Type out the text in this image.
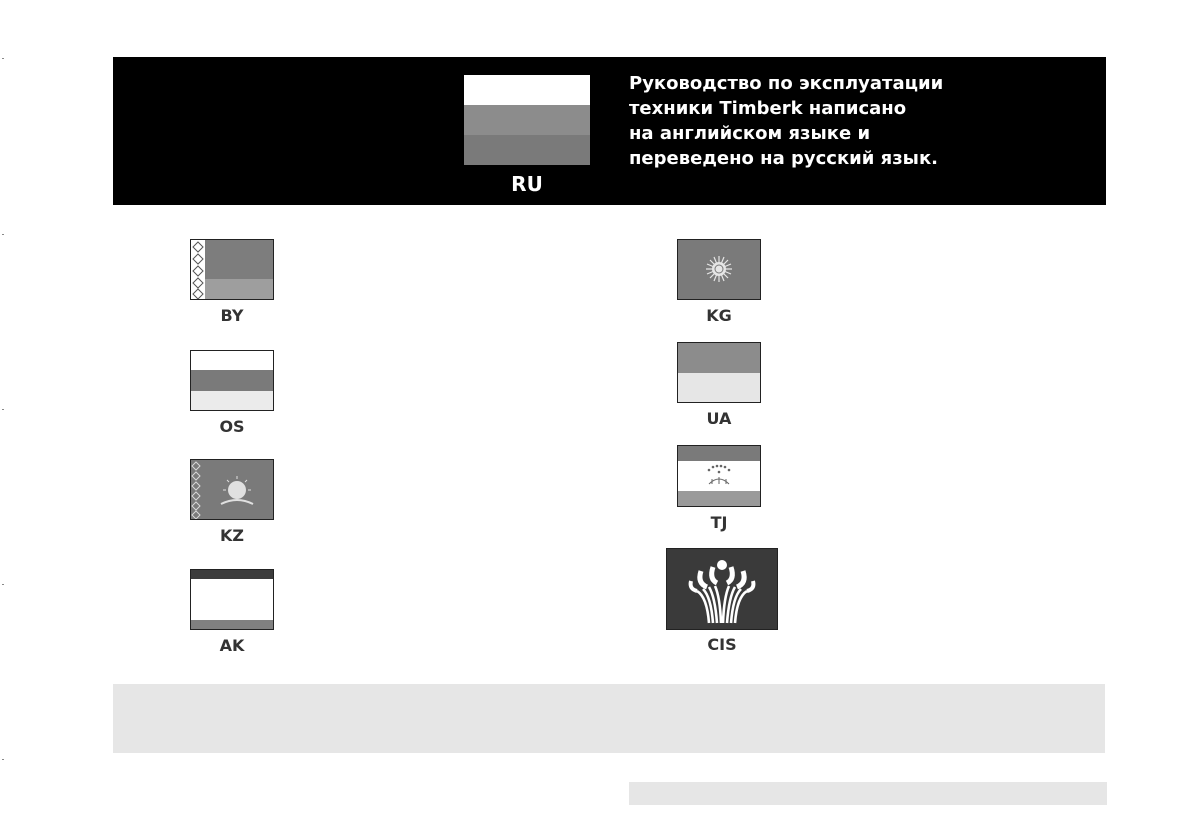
RU
Руководство по эксплуатации
техники Timberk написано
на английском языке и
переведено на русский язык.
BY
OS
KZ
AK
KG
UA
TJ
CIS
